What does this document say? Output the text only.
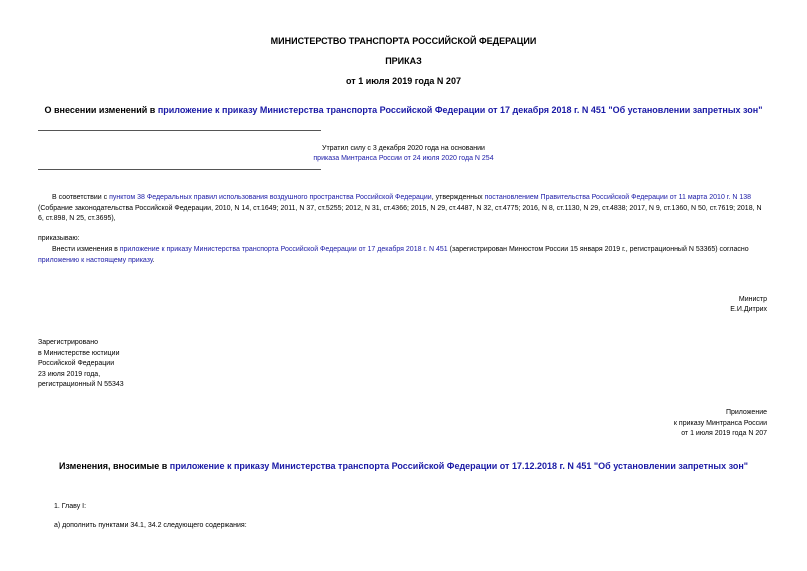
МИНИСТЕРСТВО ТРАНСПОРТА РОССИЙСКОЙ ФЕДЕРАЦИИ
ПРИКАЗ
от 1 июля 2019 года N 207
О внесении изменений в приложение к приказу Министерства транспорта Российской Федерации от 17 декабря 2018 г. N 451 "Об установлении запретных зон"
Утратил силу с 3 декабря 2020 года на основании
приказа Минтранса России от 24 июля 2020 года N 254
В соответствии с пунктом 38 Федеральных правил использования воздушного пространства Российской Федерации, утвержденных постановлением Правительства Российской Федерации от 11 марта 2010 г. N 138 (Собрание законодательства Российской Федерации, 2010, N 14, ст.1649; 2011, N 37, ст.5255; 2012, N 31, ст.4366; 2015, N 29, ст.4487, N 32, ст.4775; 2016, N 8, ст.1130, N 29, ст.4838; 2017, N 9, ст.1360, N 50, ст.7619; 2018, N 6, ст.898, N 25, ст.3695),
приказываю:
Внести изменения в приложение к приказу Министерства транспорта Российской Федерации от 17 декабря 2018 г. N 451 (зарегистрирован Минюстом России 15 января 2019 г., регистрационный N 53365) согласно приложению к настоящему приказу.
Министр
Е.И.Дитрих
Зарегистрировано
в Министерстве юстиции
Российской Федерации
23 июля 2019 года,
регистрационный N 55343
Приложение
к приказу Минтранса России
от 1 июля 2019 года N 207
Изменения, вносимые в приложение к приказу Министерства транспорта Российской Федерации от 17.12.2018 г. N 451 "Об установлении запретных зон"
1. Главу I:
а) дополнить пунктами 34.1, 34.2 следующего содержания:
